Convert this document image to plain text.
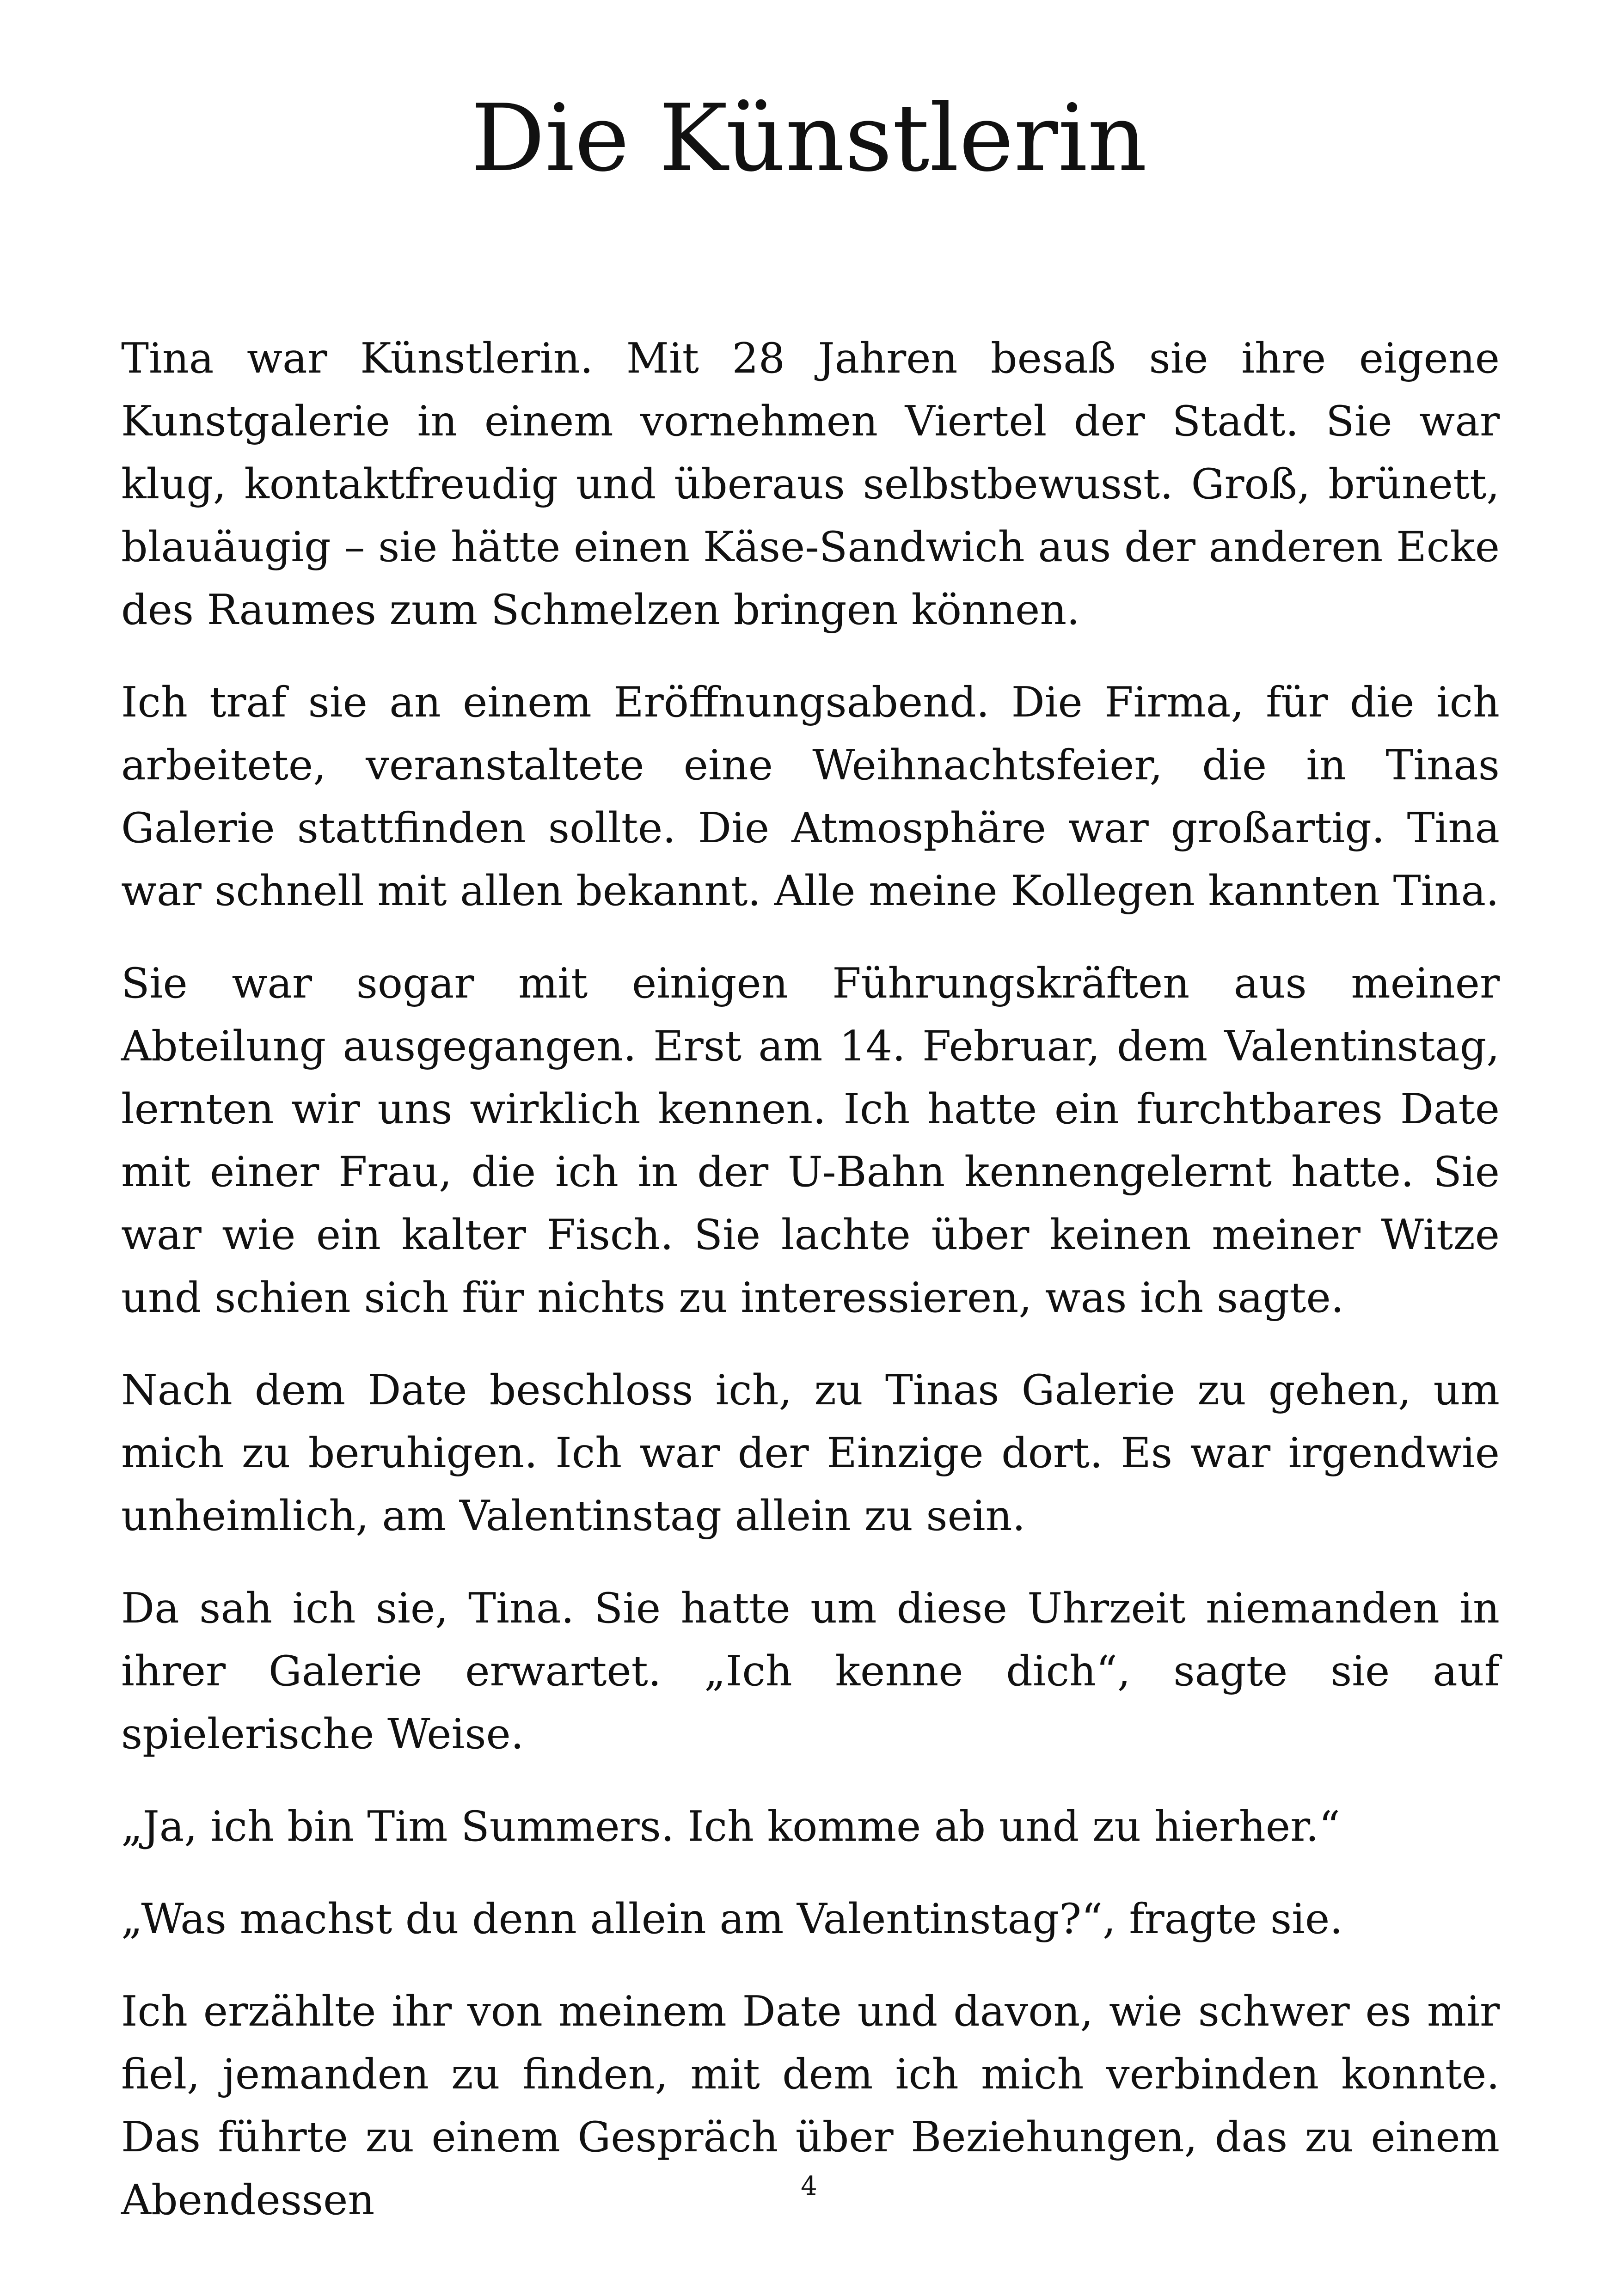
Die Künstlerin

Tina war Künstlerin. Mit 28 Jahren besaß sie ihre eigene Kunstgalerie in einem vornehmen Viertel der Stadt. Sie war klug, kontaktfreudig und überaus selbstbewusst. Groß, brünett, blauäugig – sie hätte einen Käse-Sandwich aus der anderen Ecke des Raumes zum Schmelzen bringen können.

Ich traf sie an einem Eröffnungsabend. Die Firma, für die ich arbeitete, veranstaltete eine Weihnachtsfeier, die in Tinas Galerie stattfinden sollte. Die Atmosphäre war großartig. Tina war schnell mit allen bekannt. Alle meine Kollegen kannten Tina.

Sie war sogar mit einigen Führungskräften aus meiner Abteilung ausgegangen. Erst am 14. Februar, dem Valentinstag, lernten wir uns wirklich kennen. Ich hatte ein furchtbares Date mit einer Frau, die ich in der U-Bahn kennengelernt hatte. Sie war wie ein kalter Fisch. Sie lachte über keinen meiner Witze und schien sich für nichts zu interessieren, was ich sagte.

Nach dem Date beschloss ich, zu Tinas Galerie zu gehen, um mich zu beruhigen. Ich war der Einzige dort. Es war irgendwie unheimlich, am Valentinstag allein zu sein.

Da sah ich sie, Tina. Sie hatte um diese Uhrzeit niemanden in ihrer Galerie erwartet. „Ich kenne dich“, sagte sie auf spielerische Weise.

„Ja, ich bin Tim Summers. Ich komme ab und zu hierher.“

„Was machst du denn allein am Valentinstag?“, fragte sie.

Ich erzählte ihr von meinem Date und davon, wie schwer es mir fiel, jemanden zu finden, mit dem ich mich verbinden konnte. Das führte zu einem Gespräch über Beziehungen, das zu einem Abendessen	4
